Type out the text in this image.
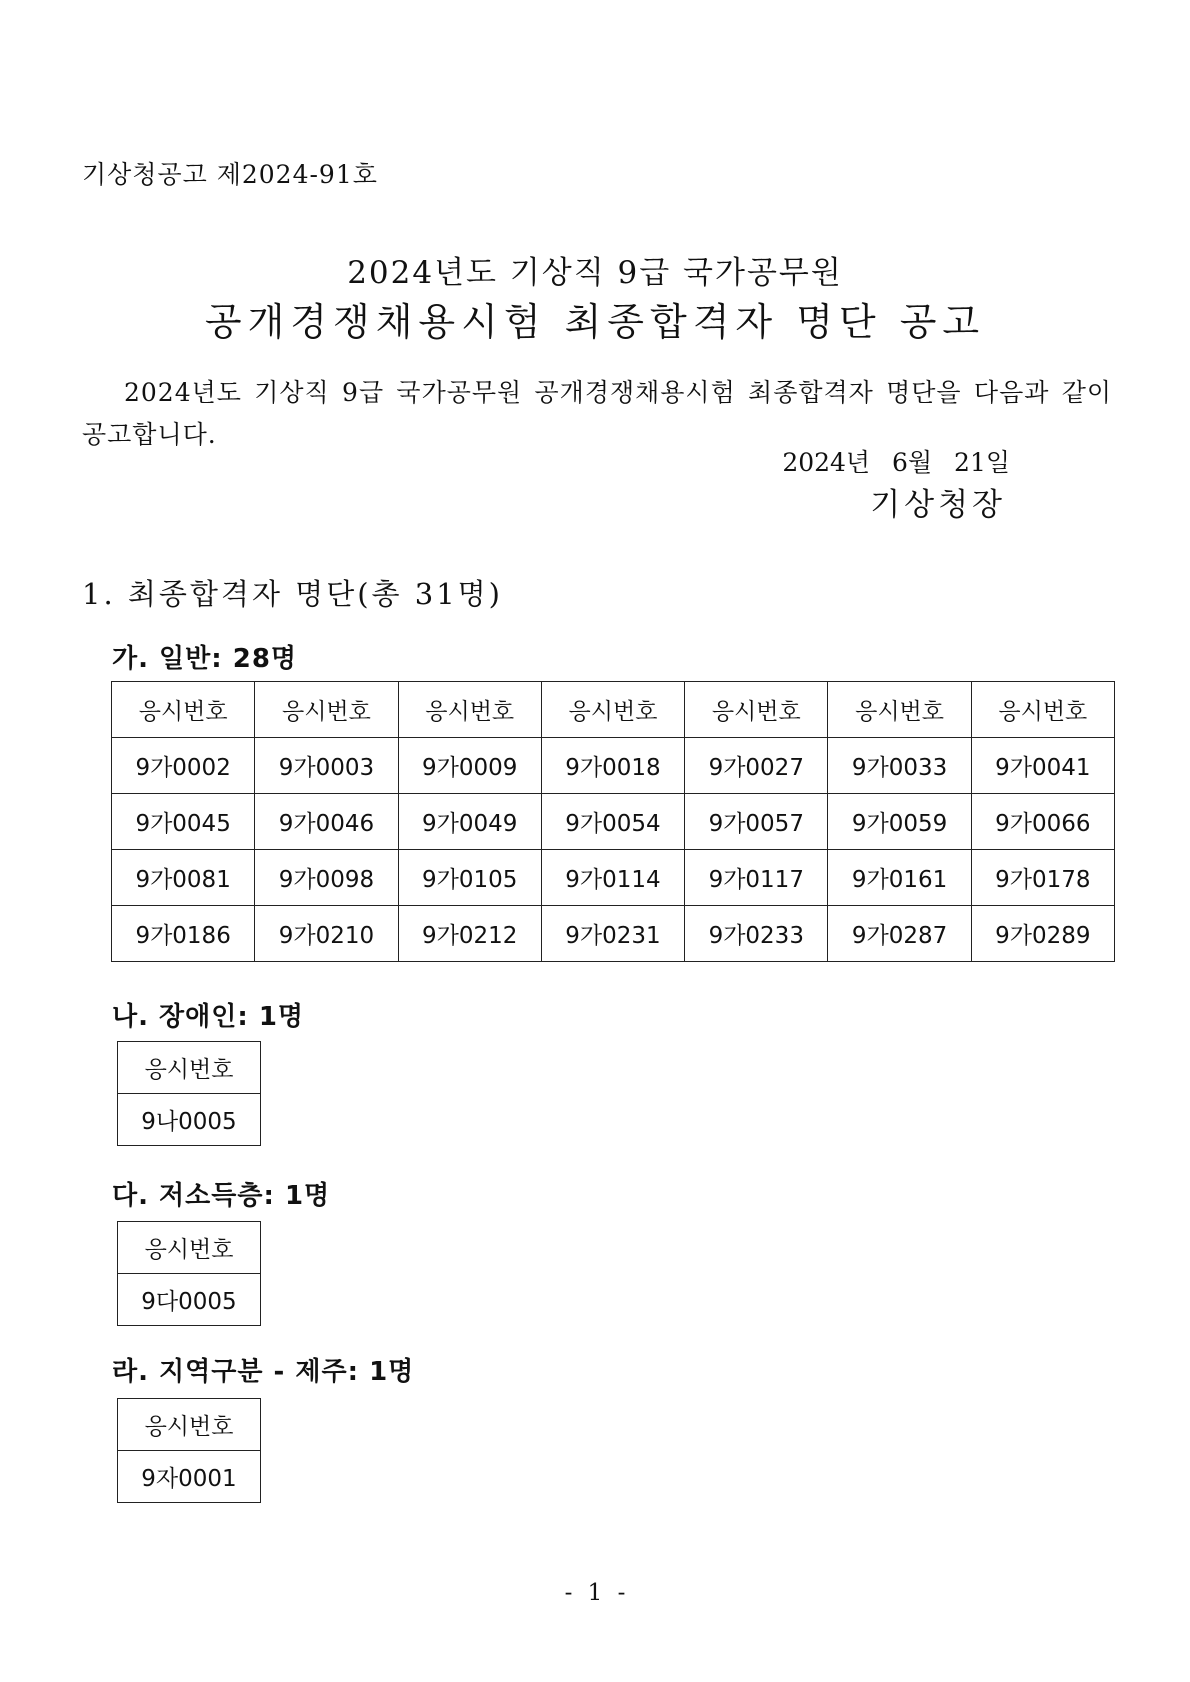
기상청공고 제2024-91호
2024년도 기상직 9급 국가공무원
공개경쟁채용시험 최종합격자 명단 공고
2024년도 기상직 9급 국가공무원 공개경쟁채용시험 최종합격자 명단을 다음과 같이 공고합니다.
2024년 6월 21일
기상청장
1. 최종합격자 명단(총 31명)
가. 일반: 28명
응시번호	응시번호	응시번호	응시번호	응시번호	응시번호	응시번호
9가0002	9가0003	9가0009	9가0018	9가0027	9가0033	9가0041
9가0045	9가0046	9가0049	9가0054	9가0057	9가0059	9가0066
9가0081	9가0098	9가0105	9가0114	9가0117	9가0161	9가0178
9가0186	9가0210	9가0212	9가0231	9가0233	9가0287	9가0289
나. 장애인: 1명
응시번호
9나0005
다. 저소득층: 1명
응시번호
9다0005
라. 지역구분 - 제주: 1명
응시번호
9자0001
- 1 -
